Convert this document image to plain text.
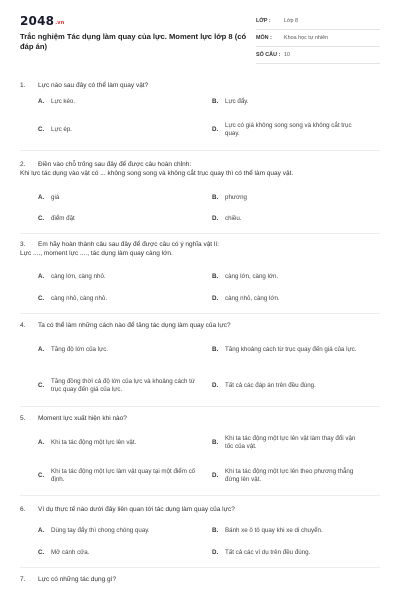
2048.vn
Trắc nghiệm Tác dụng làm quay của lực. Moment lực lớp 8 (có đáp án)
LỚP :	Lớp 8
MÔN :	Khoa học tự nhiên
SỐ CÂU : 10
1. Lực nào sau đây có thể làm quay vật?
A.	Lực kéo.	B.	Lực đẩy.
C.	Lực ép.	D.
Lực có giá không song song và không cắt trục quay.
2. Điền vào chỗ trống sau đây để được câu hoàn chỉnh:
Khi lực tác dụng vào vật có ... không song song và không cắt trục quay thì có thể làm quay vật.
A.	giá	B.	phương
C.	điểm đặt	D.	chiều.
3. Em hãy hoàn thành câu sau đây để được câu có ý nghĩa vật lí:
Lực ...., moment lực ...., tác dụng làm quay càng lớn.
A.	càng lớn, càng nhỏ.	B.	càng lớn, càng lớn.
C.	càng nhỏ, càng nhỏ.	D.	càng nhỏ, càng lớn.
4. Ta có thể làm những cách nào để tăng tác dụng làm quay của lực?
A.	Tăng độ lớn của lực.	B.	Tăng khoảng cách từ trục quay đến giá của lực.
C.
Tăng đồng thời cả độ lớn của lực và khoảng cách từ trục quay đến giá của lực.
D.	Tất cả các đáp án trên đều đúng.
5. Moment lực xuất hiện khi nào?
A.	Khi ta tác động một lực lên vật.	B.
Khi ta tác động một lực lên vật làm thay đổi vận tốc của vật.
C.
Khi ta tác động một lực làm vật quay tại một điểm cố định.
D.
Khi ta tác động một lực lên theo phương thẳng đứng lên vật.
6. Ví dụ thực tế nào dưới đây liên quan tới tác dụng làm quay của lực?
A.	Dùng tay đẩy thì chong chóng quay.	B.	Bánh xe ô tô quay khi xe di chuyển.
C.	Mở cánh cửa.	D.	Tất cả các ví dụ trên đều đúng.
7. Lực có những tác dụng gì?
